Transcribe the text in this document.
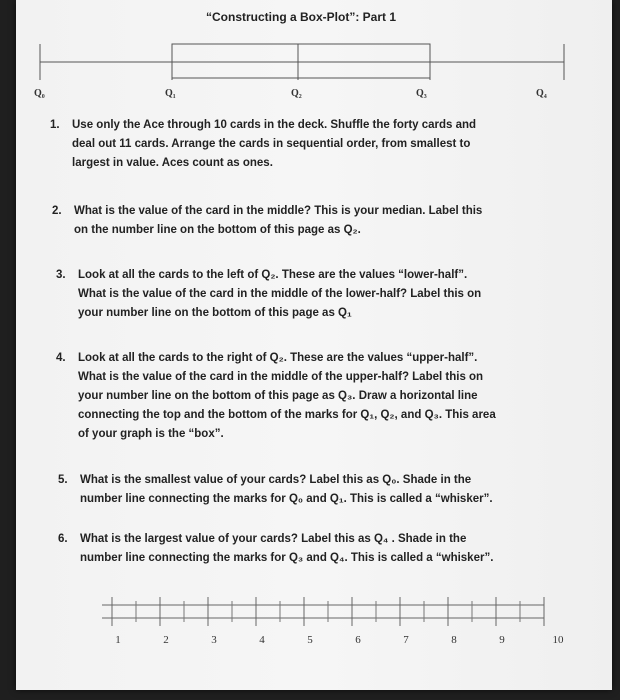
“Constructing a Box-Plot”: Part 1
Q₀	Q₁	Q₂	Q₃	Q₄
1. Use only the Ace through 10 cards in the deck. Shuffle the forty cards and
deal out 11 cards. Arrange the cards in sequential order, from smallest to
largest in value. Aces count as ones.
2. What is the value of the card in the middle? This is your median. Label this
on the number line on the bottom of this page as Q₂.
3. Look at all the cards to the left of Q₂. These are the values “lower-half”.
What is the value of the card in the middle of the lower-half? Label this on
your number line on the bottom of this page as Q₁
4. Look at all the cards to the right of Q₂. These are the values “upper-half”.
What is the value of the card in the middle of the upper-half? Label this on
your number line on the bottom of this page as Q₃. Draw a horizontal line
connecting the top and the bottom of the marks for Q₁, Q₂, and Q₃. This area
of your graph is the “box”.
5. What is the smallest value of your cards? Label this as Q₀. Shade in the
number line connecting the marks for Q₀ and Q₁. This is called a “whisker”.
6. What is the largest value of your cards? Label this as Q₄ . Shade in the
number line connecting the marks for Q₃ and Q₄. This is called a “whisker”.
1	2	3	4	5	6	7	8	9	10
